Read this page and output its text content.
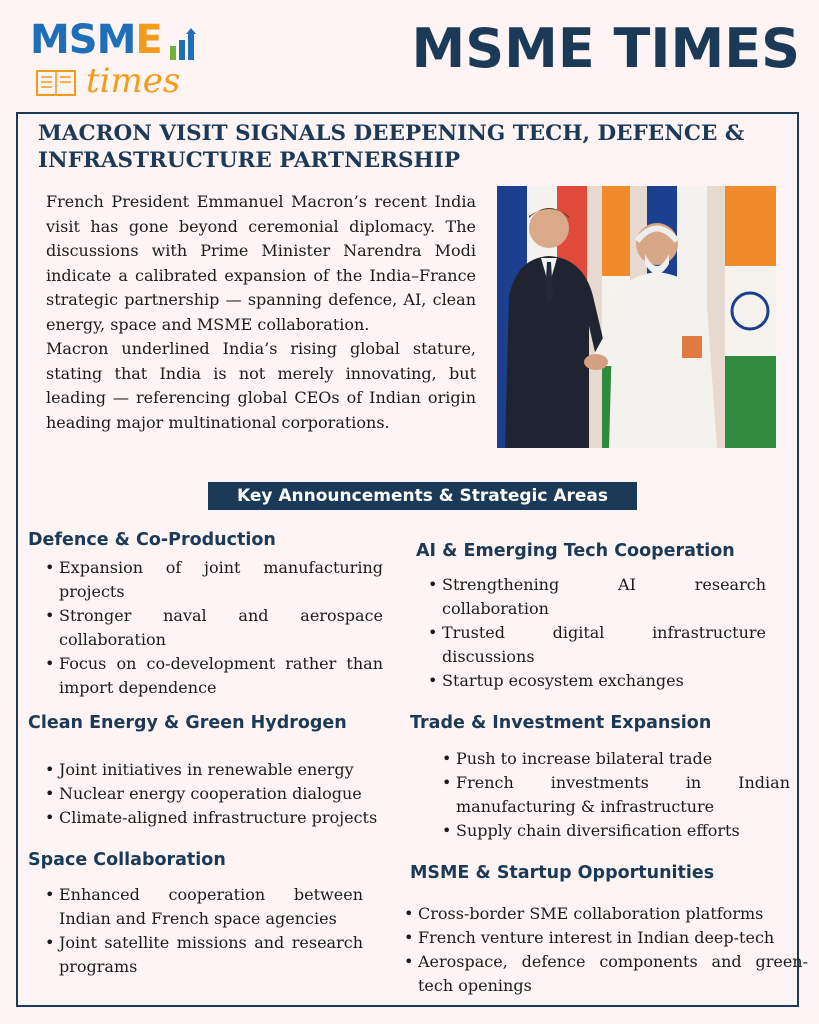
MSME
times
MSME TIMES
MACRON VISIT SIGNALS DEEPENING TECH, DEFENCE & INFRASTRUCTURE PARTNERSHIP

French President Emmanuel Macron’s recent India visit has gone beyond ceremonial diplomacy. The discussions with Prime Minister Narendra Modi indicate a calibrated expansion of the India–France strategic partnership — spanning defence, AI, clean energy, space and MSME collaboration.

Macron underlined India’s rising global stature, stating that India is not merely innovating, but leading — referencing global CEOs of Indian origin heading major multinational corporations.

Key Announcements & Strategic Areas
Defence & Co-Production
• Expansion of joint manufacturing projects
• Stronger naval and aerospace collaboration
• Focus on co-development rather than import dependence
AI & Emerging Tech Cooperation
• Strengthening AI research collaboration
• Trusted digital infrastructure discussions
• Startup ecosystem exchanges
Clean Energy & Green Hydrogen
• Joint initiatives in renewable energy
• Nuclear energy cooperation dialogue
• Climate-aligned infrastructure projects
Trade & Investment Expansion
• Push to increase bilateral trade
• French investments in Indian manufacturing & infrastructure
• Supply chain diversification efforts
Space Collaboration
• Enhanced cooperation between Indian and French space agencies
• Joint satellite missions and research programs
MSME & Startup Opportunities
• Cross-border SME collaboration platforms
• French venture interest in Indian deep-tech
• Aerospace, defence components and green-tech openings
